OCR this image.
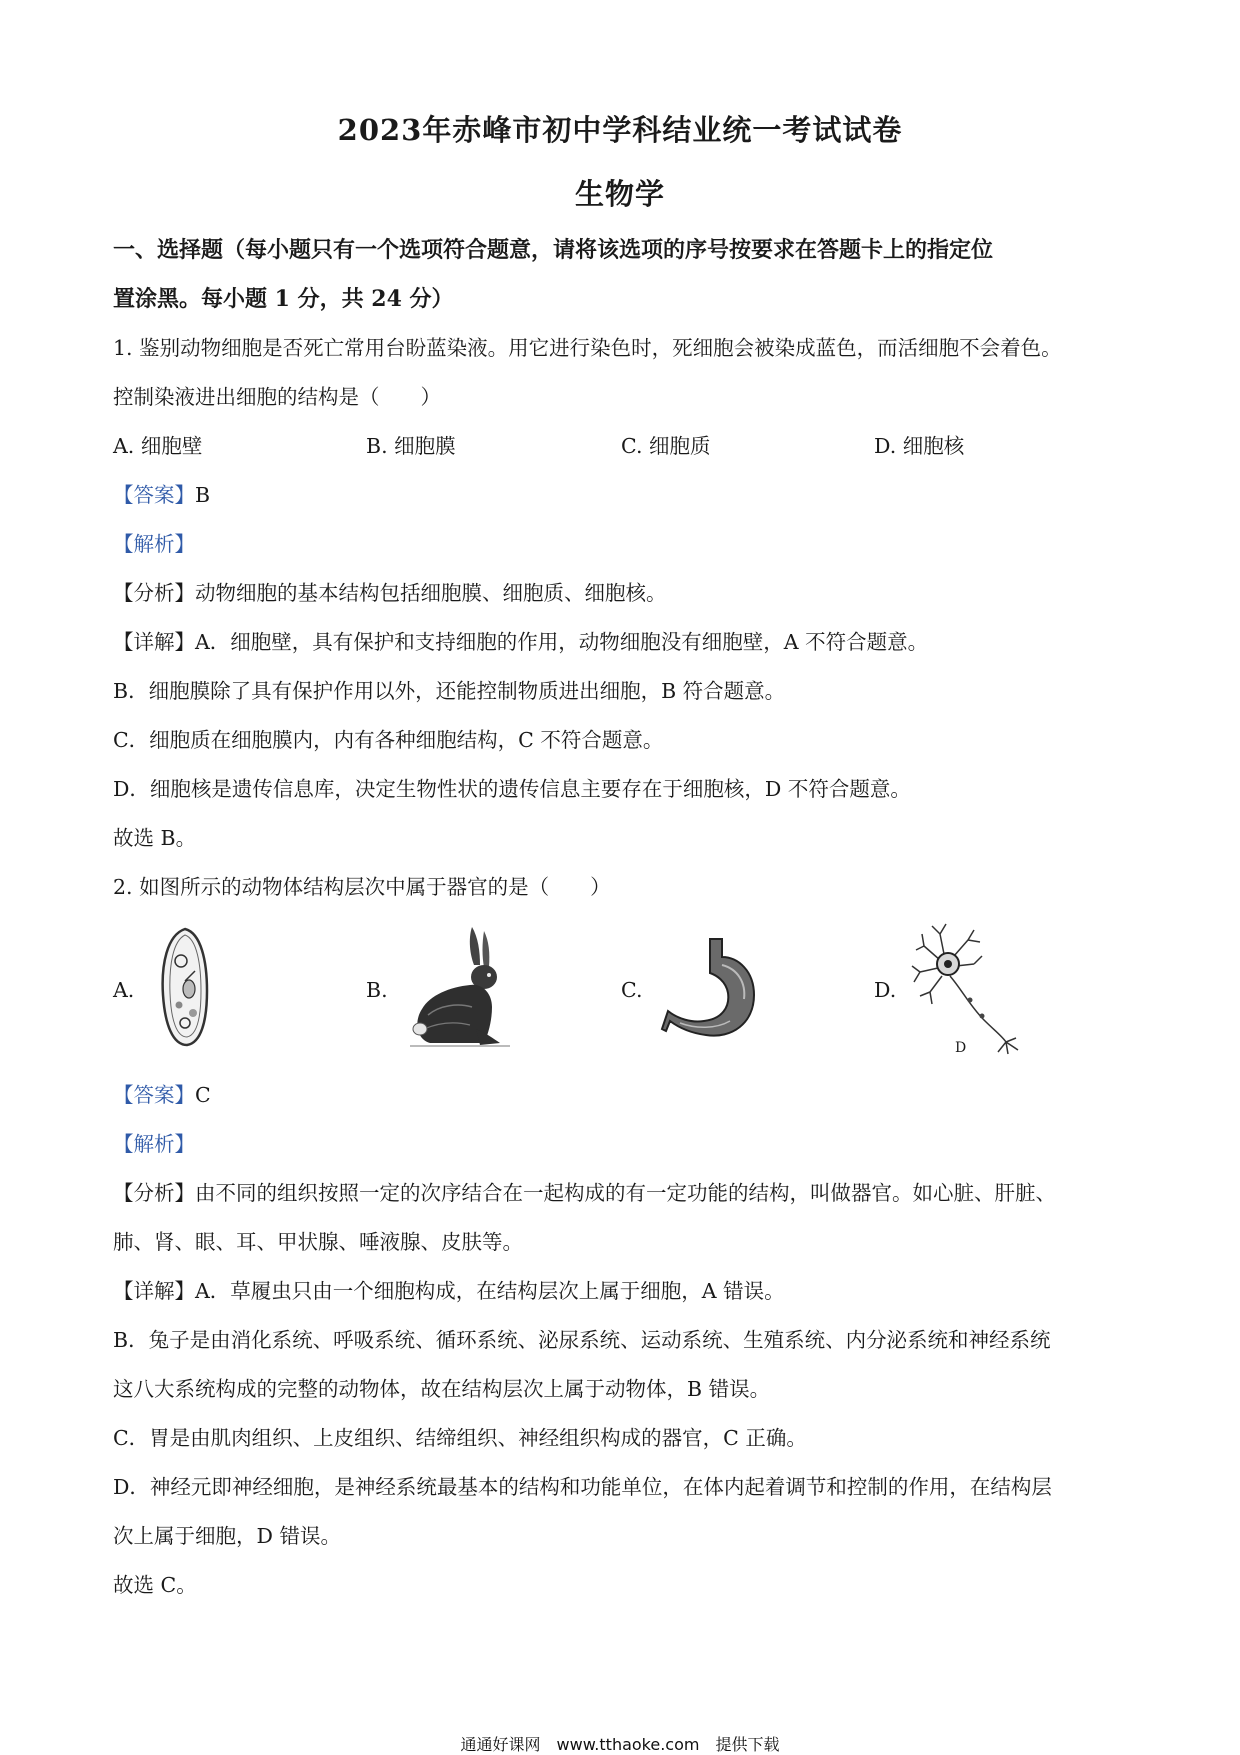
2023年赤峰市初中学科结业统一考试试卷
生物学
一、选择题（每小题只有一个选项符合题意，请将该选项的序号按要求在答题卡上的指定位
置涂黑。每小题 1 分，共 24 分）
1. 鉴别动物细胞是否死亡常用台盼蓝染液。用它进行染色时，死细胞会被染成蓝色，而活细胞不会着色。
控制染液进出细胞的结构是（　　）
A. 细胞壁	B. 细胞膜	C. 细胞质	D. 细胞核
【答案】B
【解析】
【分析】动物细胞的基本结构包括细胞膜、细胞质、细胞核。
【详解】A．细胞壁，具有保护和支持细胞的作用，动物细胞没有细胞壁，A 不符合题意。
B．细胞膜除了具有保护作用以外，还能控制物质进出细胞，B 符合题意。
C．细胞质在细胞膜内，内有各种细胞结构，C 不符合题意。
D．细胞核是遗传信息库，决定生物性状的遗传信息主要存在于细胞核，D 不符合题意。
故选 B。
2. 如图所示的动物体结构层次中属于器官的是（　　）
A.	B.	C.	D.
D
【答案】C
【解析】
【分析】由不同的组织按照一定的次序结合在一起构成的有一定功能的结构，叫做器官。如心脏、肝脏、
肺、肾、眼、耳、甲状腺、唾液腺、皮肤等。
【详解】A．草履虫只由一个细胞构成，在结构层次上属于细胞，A 错误。
B．兔子是由消化系统、呼吸系统、循环系统、泌尿系统、运动系统、生殖系统、内分泌系统和神经系统
这八大系统构成的完整的动物体，故在结构层次上属于动物体，B 错误。
C．胃是由肌肉组织、上皮组织、结缔组织、神经组织构成的器官，C 正确。
D．神经元即神经细胞，是神经系统最基本的结构和功能单位，在体内起着调节和控制的作用，在结构层
次上属于细胞，D 错误。
故选 C。
通通好课网　www.tthaoke.com　提供下载
